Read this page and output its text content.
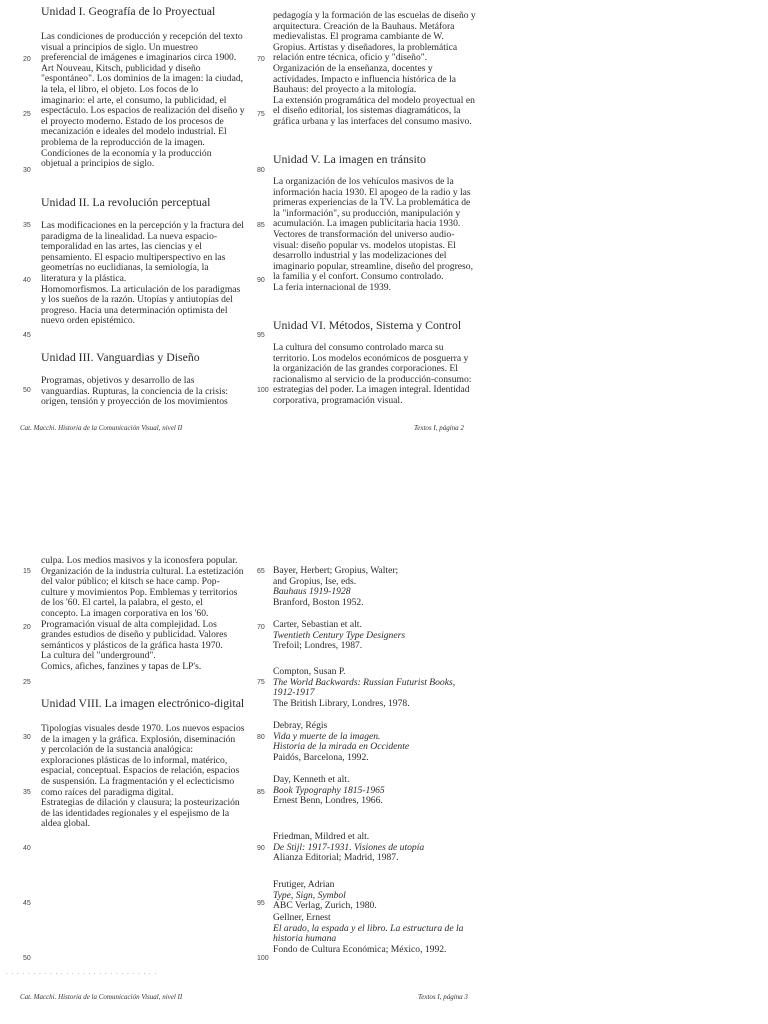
Unidad I. Geografía de lo Proyectual
Las condiciones de producción y recepción del texto
visual a principios de siglo. Un muestreo
preferencial de imágenes e imaginarios circa 1900.
Art Nouveau, Kitsch, publicidad y diseño
"espontáneo". Los dominios de la imagen: la ciudad,
la tela, el libro, el objeto. Los focos de lo
imaginario: el arte, el consumo, la publicidad, el
espectáculo. Los espacios de realización del diseño y
el proyecto moderno. Estado de los procesos de
mecanización e ideales del modelo industrial. El
problema de la reproducción de la imagen.
Condiciones de la economía y la producción
objetual a principios de siglo.
Unidad II. La revolución perceptual
Las modificaciones en la percepción y la fractura del
paradigma de la linealidad. La nueva espacio-
temporalidad en las artes, las ciencias y el
pensamiento. El espacio multiperspectivo en las
geometrías no euclidianas, la semiología, la
literatura y la plástica.
Homomorfismos. La articulación de los paradigmas
y los sueños de la razón. Utopías y antiutopías del
progreso. Hacia una determinación optimista del
nuevo orden epistémico.
Unidad III. Vanguardias y Diseño
Programas, objetivos y desarrollo de las
vanguardias. Rupturas, la conciencia de la crisis:
origen, tensión y proyección de los movimientos
20
25
30
35
40
45
50
pedagogía y la formación de las escuelas de diseño y
arquitectura. Creación de la Bauhaus. Metáfora
medievalistas. El programa cambiante de W.
Gropius. Artistas y diseñadores, la problemática
relación entre técnica, oficio y "diseño".
Organización de la enseñanza, docentes y
actividades. Impacto e influencia histórica de la
Bauhaus: del proyecto a la mitología.
La extensión programática del modelo proyectual en
el diseño editorial, los sistemas diagramáticos, la
gráfica urbana y las interfaces del consumo masivo.
Unidad V. La imagen en tránsito
La organización de los vehículos masivos de la
información hacia 1930. El apogeo de la radio y las
primeras experiencias de la TV. La problemática de
la "información", su producción, manipulación y
acumulación. La imagen publicitaria hacia 1930.
Vectores de transformación del universo audio-
visual: diseño popular vs. modelos utopistas. El
desarrollo industrial y las modelizaciones del
imaginario popular, streamline, diseño del progreso,
la familia y el confort. Consumo controlado.
La feria internacional de 1939.
Unidad VI. Métodos, Sistema y Control
La cultura del consumo controlado marca su
territorio. Los modelos económicos de posguerra y
la organización de las grandes corporaciones. El
racionalismo al servicio de la producción-consumo:
estrategias del poder. La imagen integral. Identidad
corporativa, programación visual.
70
75
80
85
90
95
100
Cat. Macchi. Historia de la Comunicación Visual, nivel II	Textos I, página 2
culpa. Los medios masivos y la iconosfera popular.
Organización de la industria cultural. La estetización
del valor público; el kitsch se hace camp. Pop-
culture y movimientos Pop. Emblemas y territorios
de los '60. El cartel, la palabra, el gesto, el
concepto. La imagen corporativa en los '60.
Programación visual de alta complejidad. Los
grandes estudios de diseño y publicidad. Valores
semánticos y plásticos de la gráfica hasta 1970.
La cultura del "underground".
Comics, afiches, fanzines y tapas de LP's.
Unidad VIII. La imagen electrónico-digital
Tipologías visuales desde 1970. Los nuevos espacios
de la imagen y la gráfica. Explosión, diseminación
y percolación de la sustancia analógica:
exploraciones plásticas de lo informal, matérico,
espacial, conceptual. Espacios de relación, espacios
de suspensión. La fragmentación y el eclecticismo
como raíces del paradigma digital.
Estrategias de dilación y clausura; la posteurización
de las identidades regionales y el espejismo de la
aldea global.
15
20
25
30
35
40
45
50
Bayer, Herbert; Gropius, Walter;
and Gropius, Ise, eds.
Bauhaus 1919-1928
Branford, Boston 1952.
Carter, Sebastian et alt.
Twentieth Century Type Designers
Trefoil; Londres, 1987.
Compton, Susan P.
The World Backwards: Russian Futurist Books,
1912-1917
The British Library, Londres, 1978.
Debray, Régis
Vida y muerte de la imagen.
Historia de la mirada en Occidente
Paidós, Barcelona, 1992.
Day, Kenneth et alt.
Book Typography 1815-1965
Ernest Benn, Londres, 1966.
Friedman, Mildred et alt.
De Stijl: 1917-1931. Visiones de utopía
Alianza Editorial; Madrid, 1987.
Frutiger, Adrian
Type, Sign, Symbol
ABC Verlag, Zurich, 1980.
Gellner, Ernest
El arado, la espada y el libro. La estructura de la
historia humana
Fondo de Cultura Económica; México, 1992.
65
70
75
80
85
90
95
100
. . . . . . . . . . . . . . . . . . . . . . . . . . . .
Cat. Macchi. Historia de la Comunicación Visual, nivel II	Textos I, página 3
